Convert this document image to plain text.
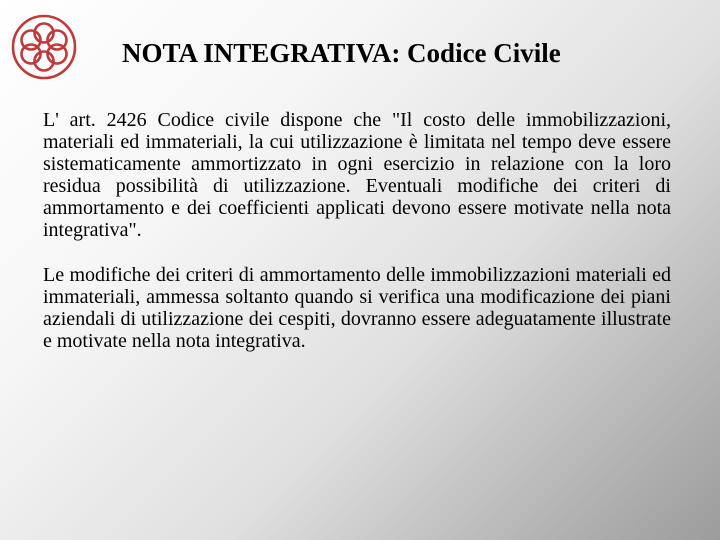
NOTA INTEGRATIVA: Codice Civile

L' art. 2426 Codice civile dispone che "Il costo delle immobilizzazioni, materiali ed immateriali, la cui utilizzazione è limitata nel tempo deve essere sistematicamente ammortizzato in ogni esercizio in relazione con la loro residua possibilità di utilizzazione. Eventuali modifiche dei criteri di ammortamento e dei coefficienti applicati devono essere motivate nella nota integrativa".

Le modifiche dei criteri di ammortamento delle immobilizzazioni materiali ed immateriali, ammessa soltanto quando si verifica una modificazione dei piani aziendali di utilizzazione dei cespiti, dovranno essere adeguatamente illustrate e motivate nella nota integrativa.
